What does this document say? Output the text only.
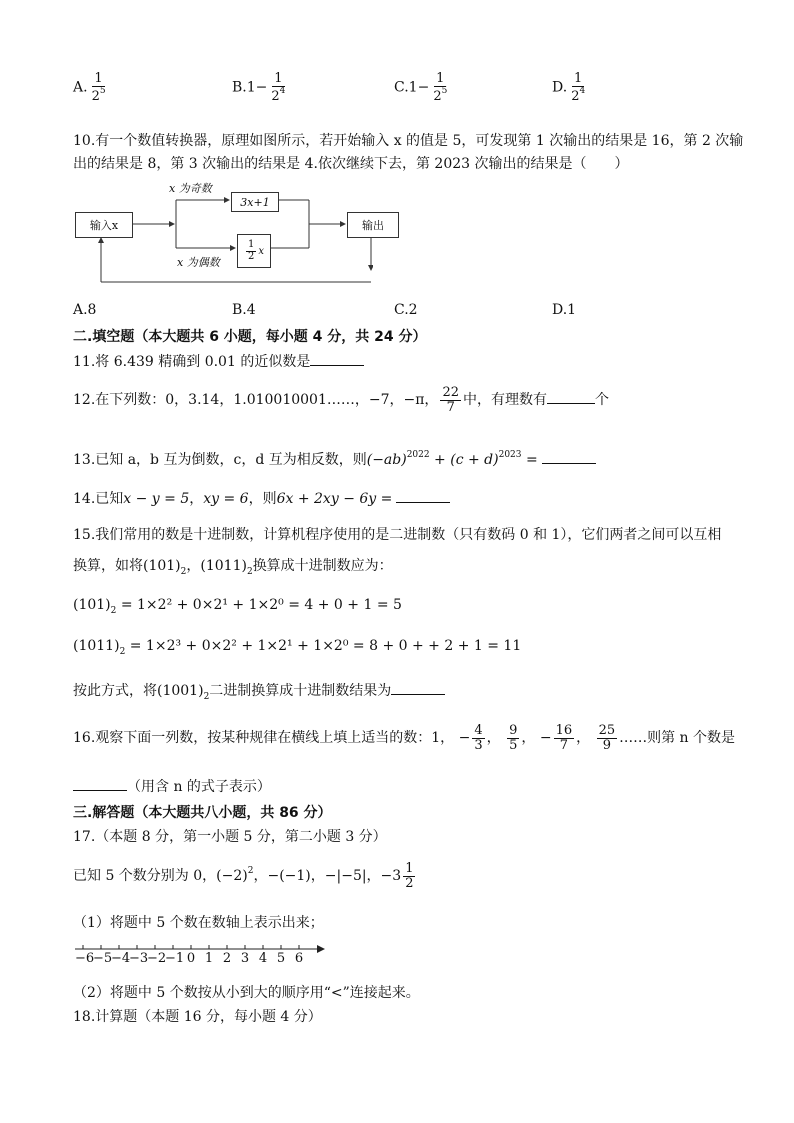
A. $\frac{1}{2^5}$	$B.1- \frac{1}{2^4}$	$C.1- \frac{1}{2^5}$	D. $\frac{1}{2^4}$
10.有一个数值转换器，原理如图所示，若开始输入 x 的值是 5，可发现第 1 次输出的结果是 16，第 2 次输
出的结果是 8，第 3 次输出的结果是 4.依次继续下去，第 2023 次输出的结果是（　　）
输入x
x 为奇数
x 为偶数
3x+1
$\frac{1}{2}$ x
输出
A.8	B.4	C.2	D.1
二.填空题（本大题共 6 小题，每小题 4 分，共 24 分）
11.将 6.439 精确到 0.01 的近似数是
12.在下列数：0，3.14，1.010010001……，−7，−π， $\frac{22}{7}$ 中，有理数有	个
13.已知 a，b 互为倒数，c，d 互为相反数，则$(-ab)^{2022} + (c + d)^{2023}$ =
14.已知x − y = 5，xy = 6，则6x + 2xy − 6y =
15.我们常用的数是十进制数，计算机程序使用的是二进制数（只有数码 0 和 1），它们两者之间可以互相
换算，如将$(101)_2$，$(1011)_2$换算成十进制数应为：
$(101)_2 = 1\times 2^2 + 0\times 2^1 + 1\times 2^0 = 4 + 0 + 1 = 5$
$(1011)_2 = 1\times 2^3 + 0\times 2^2 + 1\times 2^1 + 1\times 2^0 = 8 + 0$ + + 2 + 1 = 11
按此方式，将$(1001)_2$二进制换算成十进制数结果为
16.观察下面一列数，按某种规律在横线上填上适当的数：1， − $\frac{4}{3}$ ， $\frac{9}{5}$ ， − $\frac{16}{7}$ ， $\frac{25}{9}$ ……则第 n 个数是
（用含 n 的式子表示）
三.解答题（本大题共八小题，共 86 分）
17.（本题 8 分，第一小题 5 分，第二小题 3 分）
已知 5 个数分别为 0，$(-2)^2$，−(−1)，−|−5|，$-3 \frac{1}{2}$
（1）将题中 5 个数在数轴上表示出来；
−6
−5
−4
−3
−2
−1 0 1 2 3 4 5 6
（2）将题中 5 个数按从小到大的顺序用“<”连接起来。
18.计算题（本题 16 分，每小题 4 分）
